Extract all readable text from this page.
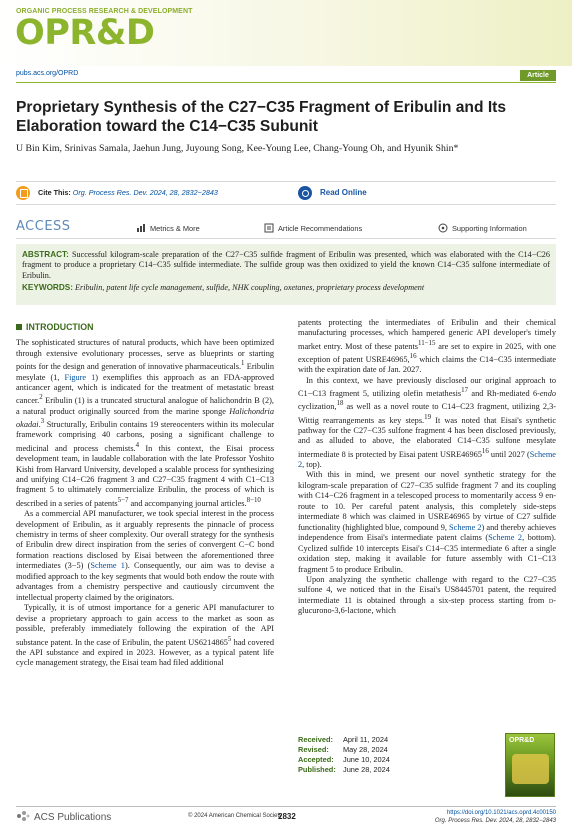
ORGANIC PROCESS RESEARCH & DEVELOPMENT
OPR&D
pubs.acs.org/OPRD	Article
Proprietary Synthesis of the C27−C35 Fragment of Eribulin and Its Elaboration toward the C14−C35 Subunit
U Bin Kim, Srinivas Samala, Jaehun Jung, Juyoung Song, Kee-Young Lee, Chang-Young Oh, and Hyunik Shin*
Cite This: Org. Process Res. Dev. 2024, 28, 2832−2843	Read Online
ACCESS	Metrics & More	Article Recommendations	Supporting Information
ABSTRACT: Successful kilogram-scale preparation of the C27−C35 sulfide fragment of Eribulin was presented, which was elaborated with the C14−C26 fragment to produce a proprietary C14−C35 sulfide intermediate. The sulfide group was then oxidized to yield the known C14−C35 sulfone intermediate of Eribulin.
KEYWORDS: Eribulin, patent life cycle management, sulfide, NHK coupling, oxetanes, proprietary process development
INTRODUCTION

The sophisticated structures of natural products, which have been optimized through extensive evolutionary processes, serve as blueprints or starting points for the design and generation of innovative pharmaceuticals.$^1$ Eribulin mesylate (1, Figure 1) exemplifies this approach as an FDA-approved anticancer agent, which is indicated for the treatment of metastatic breast cancer.$^2$ Eribulin (1) is a truncated structural analogue of halichondrin B (2), a natural product originally sourced from the marine sponge Halichondria okadai.$^3$ Structurally, Eribulin contains 19 stereocenters within its molecular framework comprising 40 carbons, posing a significant challenge to medicinal and process chemists.$^4$ In this context, the Eisai process development team, in laudable collaboration with the late Professor Yoshito Kishi from Harvard University, developed a scalable process for synthesizing and unifying C14−C26 fragment 3 and C27−C35 fragment 4 with C1−C13 fragment 5 to ultimately commercialize Eribulin, the process of which is described in a series of patents$^{5-7}$ and accompanying journal articles.$^{8-10}$

As a commercial API manufacturer, we took special interest in the process development of Eribulin, as it arguably represents the pinnacle of process chemistry in terms of sheer complexity. Our overall strategy for the synthesis of Eribulin drew direct inspiration from the series of convergent C−C bond formation reactions disclosed by Eisai between the aforementioned three intermediates (3−5) (Scheme 1). Consequently, our aim was to devise a modified approach to the key segments that would both endow the route with advantages from a chemistry perspective and cautiously circumvent the intellectual property claimed by the originators.

Typically, it is of utmost importance for a generic API manufacturer to devise a proprietary approach to gain access to the market as soon as possible, preferably immediately following the expiration of the API substance patent. In the case of Eribulin, the patent US6214865$^5$ had covered the API substance and expired in 2023. However, as a typical patent life cycle management strategy, the Eisai team had filed additional

patents protecting the intermediates of Eribulin and their chemical manufacturing processes, which hampered generic API developer's timely market entry. Most of these patents$^{11-15}$ are set to expire in 2025, with one exception of patent USRE46965,16 which claims the C14−C35 intermediate with the expiration date of Jan. 2027.

In this context, we have previously disclosed our original approach to C1−C13 fragment 5, utilizing olefin metathesis$^{17}$ and Rh-mediated 6-endo cyclization,$^{18}$ as well as a novel route to C14−C23 fragment, utilizing 2,3-Wittig rearrangements as key steps.$^{19}$ It was noted that Eisai's synthetic pathway for the C27−C35 sulfone fragment 4 has been disclosed previously, and as alluded to above, the elaborated C14−C35 sulfone mesylate intermediate 8 is protected by Eisai patent USRE46965$^{16}$ until 2027 (Scheme 2, top).

With this in mind, we present our novel synthetic strategy for the kilogram-scale preparation of C27−C35 sulfide fragment 7 and its coupling with C14−C26 fragment in a telescoped process to momentarily access 9 en-route to 10. Per careful patent analysis, this completely side-steps intermediate 8 which was claimed in USRE46965 by virtue of C27 sulfide functionality (highlighted blue, compound 9, Scheme 2) and thereby achieves independence from Eisai's intermediate patent claims (Scheme 2, bottom). Cyclized sulfide 10 intercepts Eisai's C14−C35 intermediate 6 after a single oxidation step, making it available for future assembly with C1−C13 fragment 5 to produce Eribulin.

Upon analyzing the synthetic challenge with regard to the C27−C35 sulfone 4, we noticed that in the Eisai's US8445701 patent, the required intermediate 11 is obtained through a six-step process starting from d-glucurono-3,6-lactone, which

Received: April 11, 2024
Revised: May 28, 2024
Accepted: June 10, 2024
Published: June 28, 2024
OPR&D
ACS Publications	© 2024 American Chemical Society
2832	https://doi.org/10.1021/acs.oprd.4c00150
Org. Process Res. Dev. 2024, 28, 2832−2843
